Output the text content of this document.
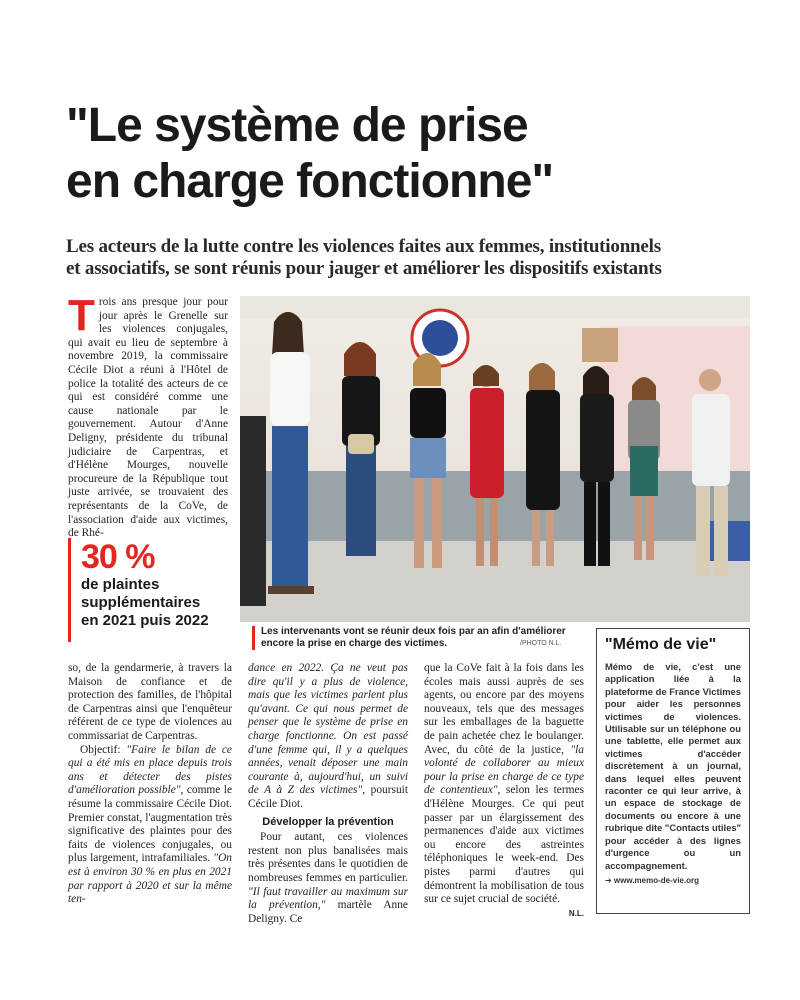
"Le système de prise
en charge fonctionne"

Les acteurs de la lutte contre les violences faites aux femmes, institutionnels
et associatifs, se sont réunis pour jauger et améliorer les dispositifs existants

Trois ans presque jour pour jour après le Grenelle sur les violences conjugales, qui avait eu lieu de septembre à novembre 2019, la commissaire Cécile Diot a réuni à l'Hôtel de police la totalité des acteurs de ce qui est considéré comme une cause nationale par le gouvernement. Autour d'Anne Deligny, présidente du tribunal judiciaire de Carpentras, et d'Hélène Mourges, nouvelle procureure de la République tout juste arrivée, se trouvaient des représentants de la CoVe, de l'association d'aide aux victimes, de Rhé-

30 %
de plaintes
supplémentaires
en 2021 puis 2022
Les intervenants vont se réunir deux fois par an afin d'améliorer
encore la prise en charge des victimes.	/PHOTO N.L.

so, de la gendarmerie, à travers la Maison de confiance et de protection des familles, de l'hôpital de Carpentras ainsi que l'enquêteur référent de ce type de violences au commissariat de Carpentras.

Objectif: "Faire le bilan de ce qui a été mis en place depuis trois ans et détecter des pistes d'amélioration possible", comme le résume la commissaire Cécile Diot. Premier constat, l'augmentation très significative des plaintes pour des faits de violences conjugales, ou plus largement, intrafamiliales. "On est à environ 30 % en plus en 2021 par rapport à 2020 et sur la même ten-

dance en 2022. Ça ne veut pas dire qu'il y a plus de violence, mais que les victimes parlent plus qu'avant. Ce qui nous permet de penser que le système de prise en charge fonctionne. On est passé d'une femme qui, il y a quelques années, venait déposer une main courante à, aujourd'hui, un suivi de A à Z des victimes", poursuit Cécile Diot.

Développer la prévention

Pour autant, ces violences restent non plus banalisées mais très présentes dans le quotidien de nombreuses femmes en particulier. "Il faut travailler au maximum sur la prévention," martèle Anne Deligny. Ce

que la CoVe fait à la fois dans les écoles mais aussi auprès de ses agents, ou encore par des moyens nouveaux, tels que des messages sur les emballages de la baguette de pain achetée chez le boulanger. Avec, du côté de la justice, "la volonté de collaborer au mieux pour la prise en charge de ce type de contentieux", selon les termes d'Hélène Mourges. Ce qui peut passer par un élargissement des permanences d'aide aux victimes ou encore des astreintes téléphoniques le week-end. Des pistes parmi d'autres qui démontrent la mobilisation de tous sur ce sujet crucial de société.

N.L.

"Mémo de vie"
Mémo de vie, c'est une application liée à la plateforme de France Victimes pour aider les personnes victimes de violences. Utilisable sur un téléphone ou une tablette, elle permet aux victimes d'accéder discrètement à un journal, dans lequel elles peuvent raconter ce qui leur arrive, à un espace de stockage de documents ou encore à une rubrique dite "Contacts utiles" pour accéder à des lignes d'urgence ou un accompagnement.
➔ www.memo-de-vie.org
